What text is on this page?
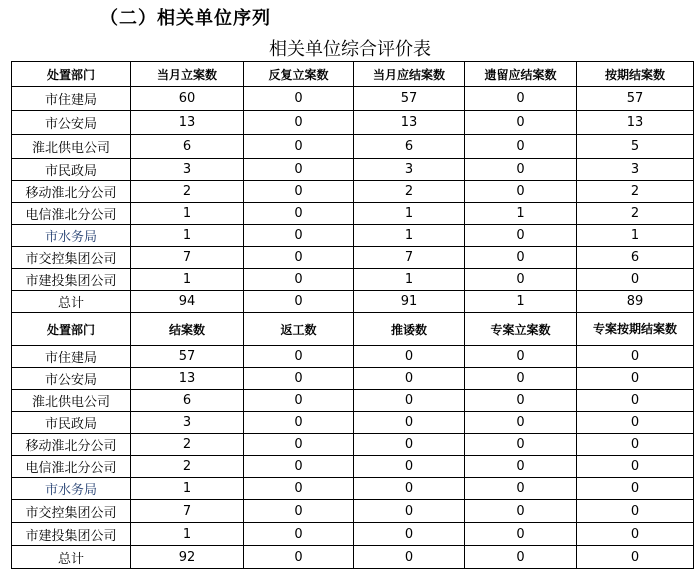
（二）相关单位序列
相关单位综合评价表
处置部门	当月立案数	反复立案数	当月应结案数	遗留应结案数	按期结案数
市住建局	60	0	57	0	57
市公安局	13	0	13	0	13
淮北供电公司	6	0	6	0	5
市民政局	3	0	3	0	3
移动淮北分公司	2	0	2	0	2
电信淮北分公司	1	0	1	1	2
市水务局	1	0	1	0	1
市交控集团公司	7	0	7	0	6
市建投集团公司	1	0	1	0	0
总计	94	0	91	1	89
处置部门	结案数	返工数	推诿数	专案立案数	专案按期结案数
市住建局	57	0	0	0	0
市公安局	13	0	0	0	0
淮北供电公司	6	0	0	0	0
市民政局	3	0	0	0	0
移动淮北分公司	2	0	0	0	0
电信淮北分公司	2	0	0	0	0
市水务局	1	0	0	0	0
市交控集团公司	7	0	0	0	0
市建投集团公司	1	0	0	0	0
总计	92	0	0	0	0
